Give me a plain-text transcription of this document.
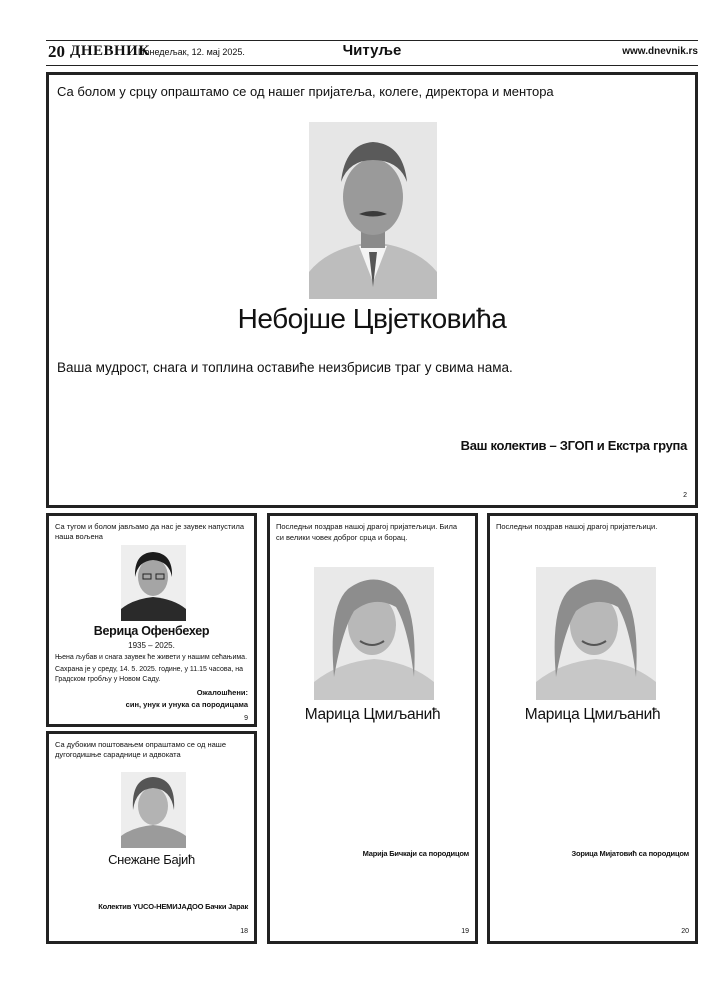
20 ДНЕВНИК
Понедељак, 12. мај 2025.	Читуље	www.dnevnik.rs
Са болом у срцу опраштамо се од нашег пријатеља, колеге, директора и ментора
Небојше Цвјетковића
Ваша мудрост, снага и топлина оставиће неизбрисив траг у свима нама.
Ваш колектив – ЗГОП и Екстра група
2
Са тугом и болом јављамо да нас је заувек напустила наша вољена
Верица Офенбехер
1935 – 2025.
Њена љубав и снага заувек ће живети у нашим сећањима.
Сахрана је у среду, 14. 5. 2025. године, у 11.15 часова, на Градском гробљу у Новом Саду.
Ожалошћени:
син, унук и унука са породицама
9
Са дубоким поштовањем опраштамо се од наше дугогодишње сараднице и адвоката
Снежане Бајић
Колектив YUCO-НЕМИЈАДОО Бачки Јарак
18
Последњи поздрав нашој драгој пријатељици. Била си велики човек доброг срца и борац.
Марица Цмиљанић
Марија Бичкаји са породицом
19
Последњи поздрав нашој драгој пријатељици.
Марица Цмиљанић
Зорица Мијатовић са породицом
20
